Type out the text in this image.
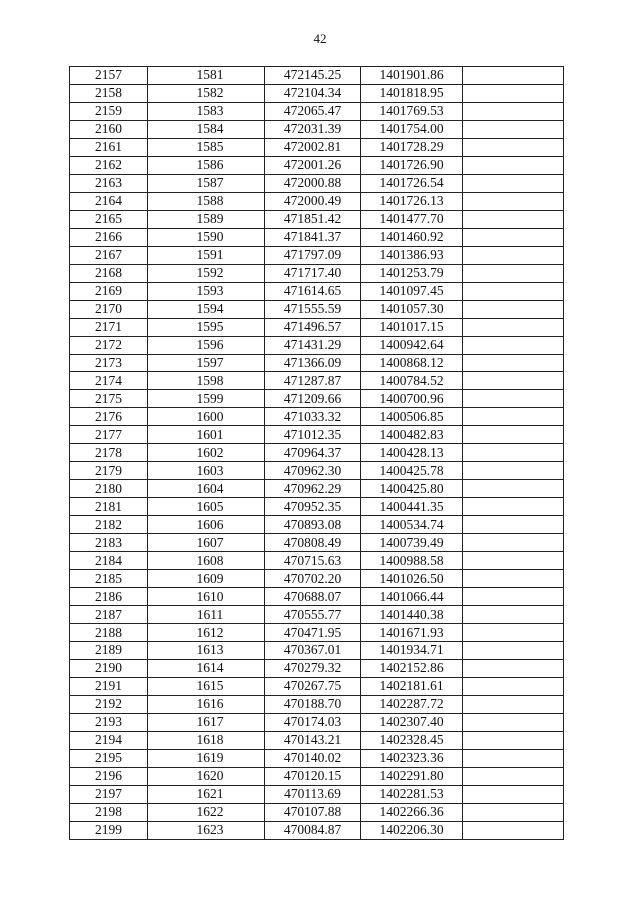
42
2157	1581	472145.25	1401901.86	
2158	1582	472104.34	1401818.95	
2159	1583	472065.47	1401769.53	
2160	1584	472031.39	1401754.00	
2161	1585	472002.81	1401728.29	
2162	1586	472001.26	1401726.90	
2163	1587	472000.88	1401726.54	
2164	1588	472000.49	1401726.13	
2165	1589	471851.42	1401477.70	
2166	1590	471841.37	1401460.92	
2167	1591	471797.09	1401386.93	
2168	1592	471717.40	1401253.79	
2169	1593	471614.65	1401097.45	
2170	1594	471555.59	1401057.30	
2171	1595	471496.57	1401017.15	
2172	1596	471431.29	1400942.64	
2173	1597	471366.09	1400868.12	
2174	1598	471287.87	1400784.52	
2175	1599	471209.66	1400700.96	
2176	1600	471033.32	1400506.85	
2177	1601	471012.35	1400482.83	
2178	1602	470964.37	1400428.13	
2179	1603	470962.30	1400425.78	
2180	1604	470962.29	1400425.80	
2181	1605	470952.35	1400441.35	
2182	1606	470893.08	1400534.74	
2183	1607	470808.49	1400739.49	
2184	1608	470715.63	1400988.58	
2185	1609	470702.20	1401026.50	
2186	1610	470688.07	1401066.44	
2187	1611	470555.77	1401440.38	
2188	1612	470471.95	1401671.93	
2189	1613	470367.01	1401934.71	
2190	1614	470279.32	1402152.86	
2191	1615	470267.75	1402181.61	
2192	1616	470188.70	1402287.72	
2193	1617	470174.03	1402307.40	
2194	1618	470143.21	1402328.45	
2195	1619	470140.02	1402323.36	
2196	1620	470120.15	1402291.80	
2197	1621	470113.69	1402281.53	
2198	1622	470107.88	1402266.36	
2199	1623	470084.87	1402206.30	
